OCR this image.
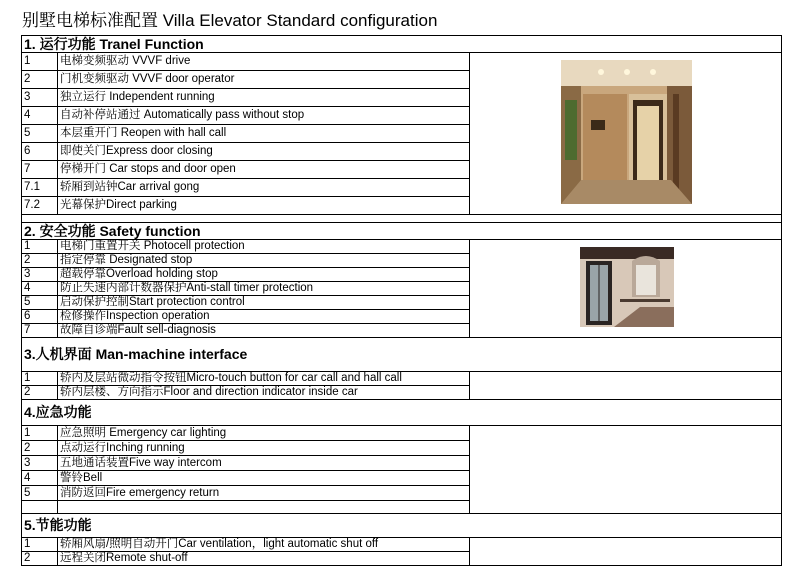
别墅电梯标准配置 Villa Elevator Standard configuration
1. 运行功能 Tranel Function		
1	电梯变频驱动 VVVF drive	
2	门机变频驱动 VVVF door operator	
3	独立运行 Independent running	
4	自动补停站通过 Automatically pass without stop	
5	本层重开门 Reopen with hall call	
6	即使关门Express door closing	
7	停梯开门 Car stops and door open	
7.1	轿厢到站钟Car arrival gong	
7.2	光幕保护Direct parking	

2. 安全功能 Safety function		
1	电梯门重置开关 Photocell protection	
2	指定停靠 Designated stop	
3	超载停靠Overload holding stop	
4	防止失速内部计数器保护Anti-stall timer protection	
5	启动保护控制Start protection control	
6	检修操作Inspection operation	
7	故障自诊端Fault sell-diagnosis	
3.人机界面 Man-machine interface		
1	轿内及层站微动指令按钮Micro-touch button for car call and hall call	
2	轿内层楼、方向指示Floor and direction indicator inside car	
4.应急功能		
1	应急照明 Emergency car lighting	
2	点动运行Inching running	
3	五地通话装置Five way intercom	
4	警铃Bell	
5	消防返回Fire emergency return	

5.节能功能		
1	轿厢风扇/照明自动开门Car ventilation，light automatic shut off	
2	远程关闭Remote shut-off	
